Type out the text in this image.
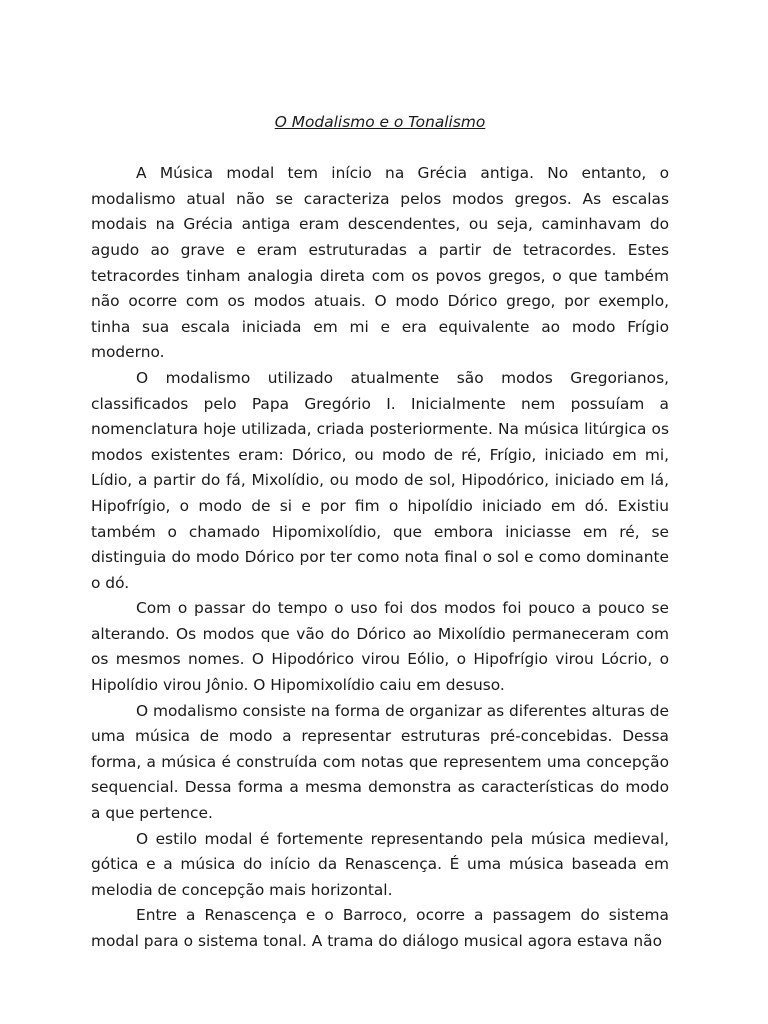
O Modalismo e o Tonalismo

A Música modal tem início na Grécia antiga. No entanto, o modalismo atual não se caracteriza pelos modos gregos. As escalas modais na Grécia antiga eram descendentes, ou seja, caminhavam do agudo ao grave e eram estruturadas a partir de tetracordes. Estes tetracordes tinham analogia direta com os povos gregos, o que também não ocorre com os modos atuais. O modo Dórico grego, por exemplo, tinha sua escala iniciada em mi e era equivalente ao modo Frígio moderno.

O modalismo utilizado atualmente são modos Gregorianos, classificados pelo Papa Gregório I. Inicialmente nem possuíam a nomenclatura hoje utilizada, criada posteriormente. Na música litúrgica os modos existentes eram: Dórico, ou modo de ré, Frígio, iniciado em mi, Lídio, a partir do fá, Mixolídio, ou modo de sol, Hipodórico, iniciado em lá, Hipofrígio, o modo de si e por fim o hipolídio iniciado em dó. Existiu também o chamado Hipomixolídio, que embora iniciasse em ré, se distinguia do modo Dórico por ter como nota final o sol e como dominante o dó.

Com o passar do tempo o uso foi dos modos foi pouco a pouco se alterando. Os modos que vão do Dórico ao Mixolídio permaneceram com os mesmos nomes. O Hipodórico virou Eólio, o Hipofrígio virou Lócrio, o Hipolídio virou Jônio. O Hipomixolídio caiu em desuso.

O modalismo consiste na forma de organizar as diferentes alturas de uma música de modo a representar estruturas pré-concebidas. Dessa forma, a música é construída com notas que representem uma concepção sequencial. Dessa forma a mesma demonstra as características do modo a que pertence.

O estilo modal é fortemente representando pela música medieval, gótica e a música do início da Renascença. É uma música baseada em melodia de concepção mais horizontal.

Entre a Renascença e o Barroco, ocorre a passagem do sistema modal para o sistema tonal. A trama do diálogo musical agora estava não
